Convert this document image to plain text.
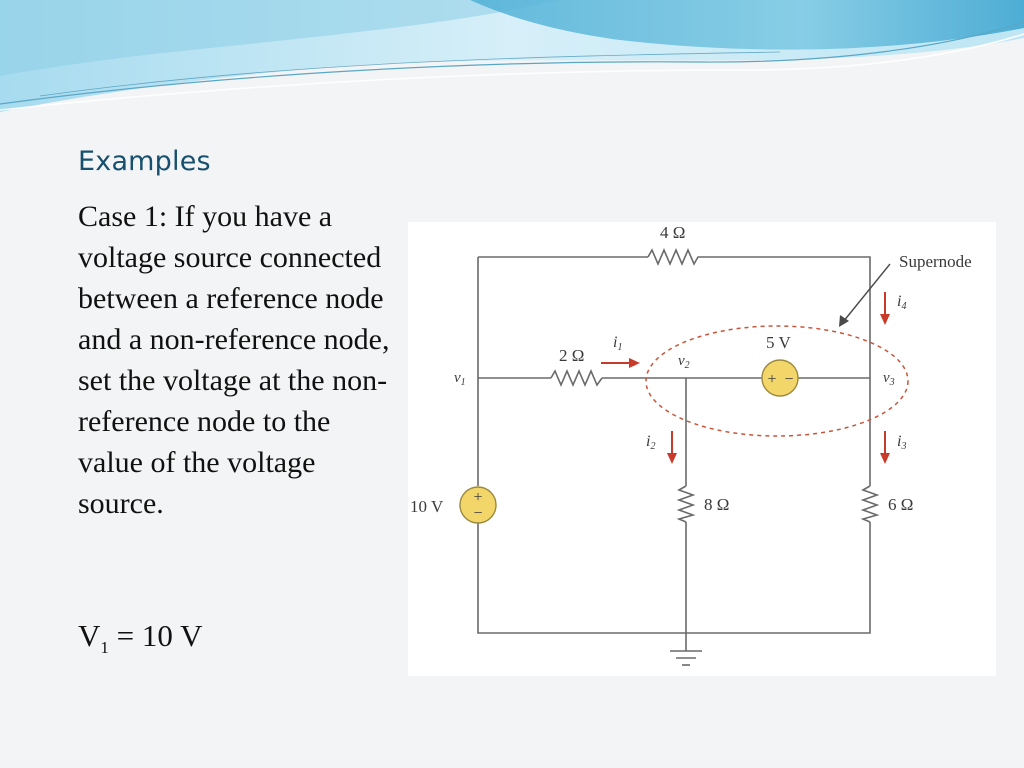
Examples

Case 1: If you have a voltage source connected between a reference node and a non-reference node, set the voltage at the non-reference node to the value of the voltage source.

$V_1 = 10$ V

+
−
+ −
4 Ω
2 Ω
5 V
10 V	8 Ω	6 Ω
Supernode
$v_1$
$v_2$
$v_3$
i1
i2	i3
i4
